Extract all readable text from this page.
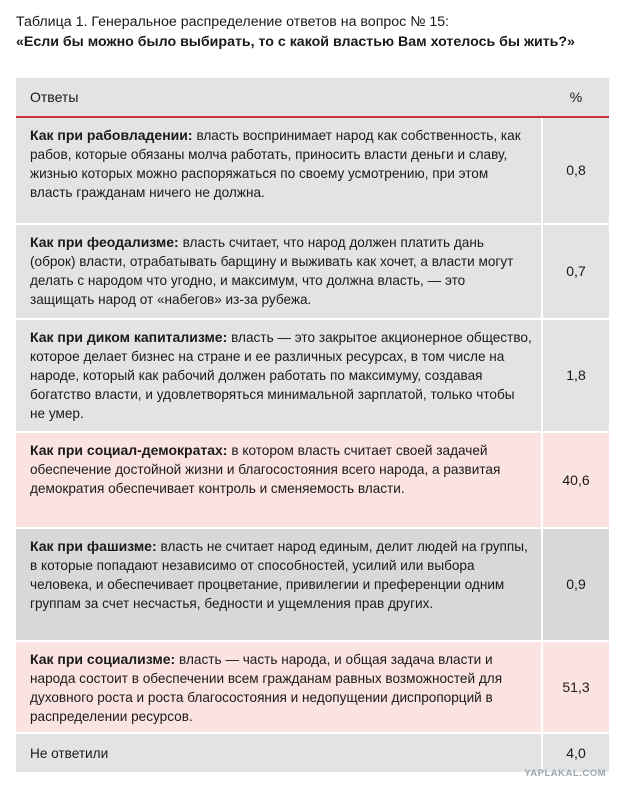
Таблица 1. Генеральное распределение ответов на вопрос № 15:
«Если бы можно было выбирать, то с какой властью Вам хотелось бы жить?»
Ответы	%
Как при рабовладении: власть воспринимает народ как собственность, как рабов, которые обязаны молча работать, приносить власти деньги и славу, жизнью которых можно распоряжаться по своему усмотрению, при этом власть гражданам ничего не должна.
0,8
Как при феодализме: власть считает, что народ должен платить дань (оброк) власти, отрабатывать барщину и выживать как хочет, а власти могут делать с народом что угодно, и максимум, что должна власть, — это защищать народ от «набегов» из-за рубежа.
0,7
Как при диком капитализме: власть — это закрытое акционерное общество, которое делает бизнес на стране и ее различных ресурсах, в том числе на народе, который как рабочий должен работать по максимуму, создавая богатство власти, и удовлетворяться минимальной зарплатой, только чтобы не умер.
1,8
Как при социал-демократах: в котором власть считает своей задачей обеспечение достойной жизни и благосостояния всего народа, а развитая демократия обеспечивает контроль и сменяемость власти.
40,6
Как при фашизме: власть не считает народ единым, делит людей на группы, в которые попадают независимо от способностей, усилий или выбора человека, и обеспечивает процветание, привилегии и преференции одним группам за счет несчастья, бедности и ущемления прав других.
0,9
Как при социализме: власть — часть народа, и общая задача власти и народа состоит в обеспечении всем гражданам равных возможностей для духовного роста и роста благосостояния и недопущении диспропорций в распределении ресурсов.
51,3
Не ответили	4,0
YAPLAKAL.COM
